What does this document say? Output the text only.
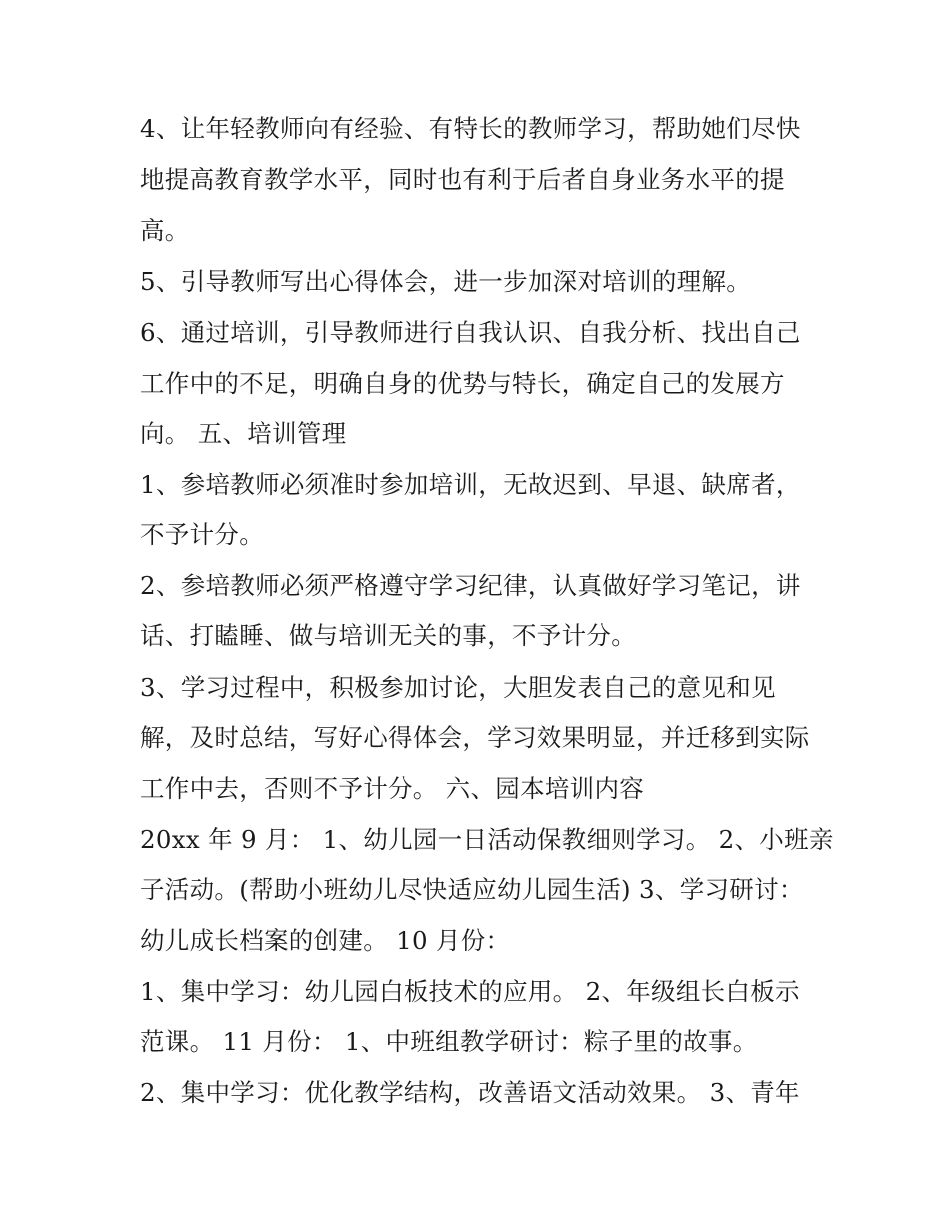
4、让年轻教师向有经验、有特长的教师学习，帮助她们尽快
地提高教育教学水平，同时也有利于后者自身业务水平的提
高。
5、引导教师写出心得体会，进一步加深对培训的理解。
6、通过培训，引导教师进行自我认识、自我分析、找出自己
工作中的不足，明确自身的优势与特长，确定自己的发展方
向。 五、培训管理
1、参培教师必须准时参加培训，无故迟到、早退、缺席者，
不予计分。
2、参培教师必须严格遵守学习纪律，认真做好学习笔记，讲
话、打瞌睡、做与培训无关的事，不予计分。
3、学习过程中，积极参加讨论，大胆发表自己的意见和见
解，及时总结，写好心得体会，学习效果明显，并迁移到实际
工作中去，否则不予计分。 六、园本培训内容
20xx 年 9 月： 1、幼儿园一日活动保教细则学习。 2、小班亲
子活动。(帮助小班幼儿尽快适应幼儿园生活) 3、学习研讨：
幼儿成长档案的创建。 10 月份：
1、集中学习：幼儿园白板技术的应用。 2、年级组长白板示
范课。 11 月份： 1、中班组教学研讨：粽子里的故事。
2、集中学习：优化教学结构，改善语文活动效果。 3、青年
